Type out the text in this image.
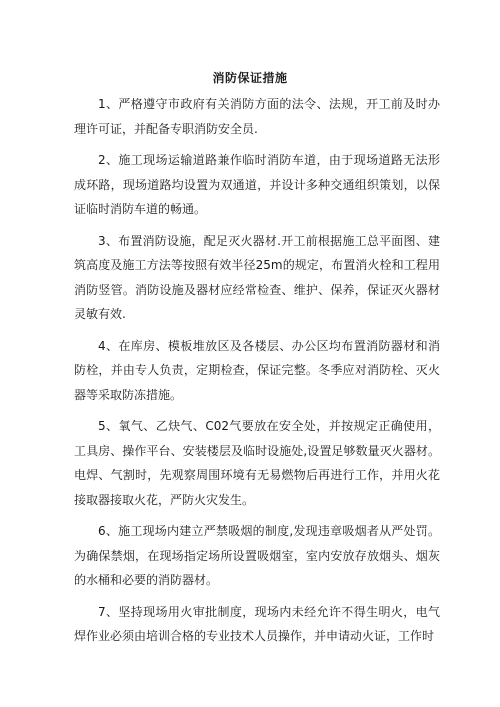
消防保证措施

1、严格遵守市政府有关消防方面的法令、法规，开工前及时办理许可证，并配备专职消防安全员.

2、施工现场运输道路兼作临时消防车道，由于现场道路无法形成环路，现场道路均设置为双通道，并设计多种交通组织策划，以保证临时消防车道的畅通。

3、布置消防设施，配足灭火器材.开工前根据施工总平面图、建筑高度及施工方法等按照有效半径25m的规定，布置消火栓和工程用消防竖管。消防设施及器材应经常检查、维护、保养，保证灭火器材灵敏有效.

4、在库房、模板堆放区及各楼层、办公区均布置消防器材和消防栓，并由专人负责，定期检查，保证完整。冬季应对消防栓、灭火器等采取防冻措施。

5、氧气、乙炔气、C02气要放在安全处，并按规定正确使用，工具房、操作平台、安装楼层及临时设施处,设置足够数量灭火器材。电焊、气割时，先观察周围环境有无易燃物后再进行工作，并用火花接取器接取火花，严防火灾发生。

6、施工现场内建立严禁吸烟的制度,发现违章吸烟者从严处罚。为确保禁烟，在现场指定场所设置吸烟室，室内安放存放烟头、烟灰的水桶和必要的消防器材。

7、坚持现场用火审批制度，现场内未经允许不得生明火，电气焊作业必须由培训合格的专业技术人员操作，并申请动火证，工作时
